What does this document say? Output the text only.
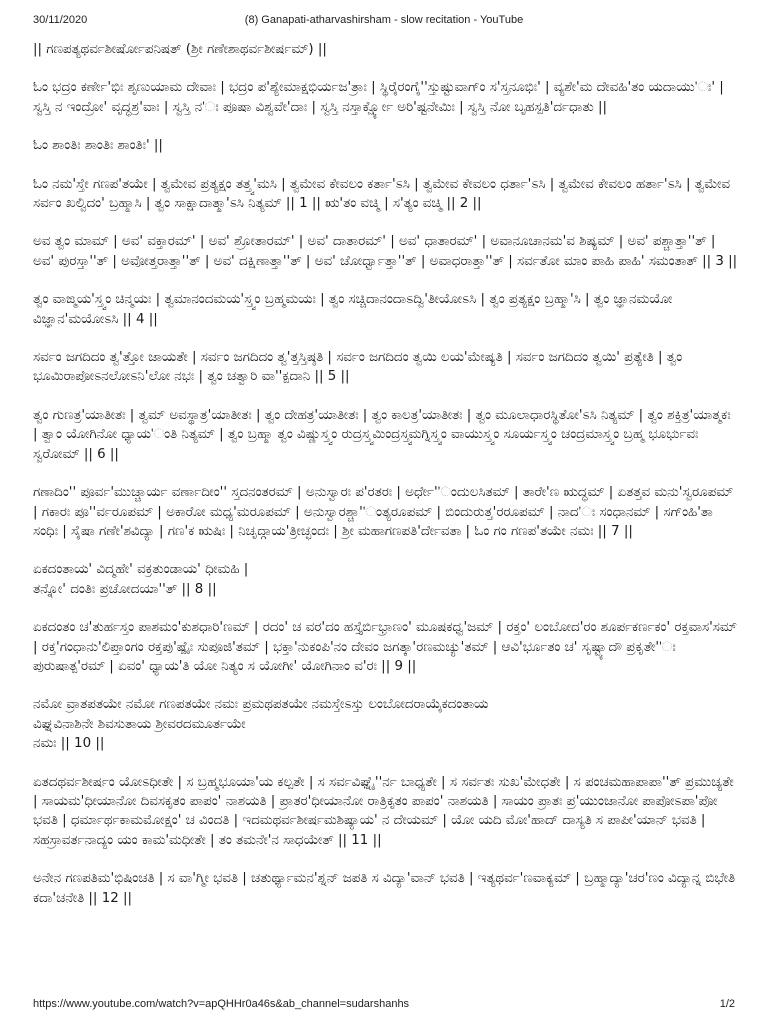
30/11/2020	(8) Ganapati-atharvashirsham - slow recitation - YouTube
|| ಗಣಪತ್ಯಥರ್ವಶೀರ್ಷೋಪನಿಷತ್ (ಶ್ರೀ ಗಣೇಶಾಥರ್ವಶೀರ್ಷಮ್) ||
ಓಂ ಭದ್ರಂ ಕರ್ಣೇ'ಭಿಃ ಶೃಣುಯಾಮ ದೇವಾಃ | ಭದ್ರಂ ಪ'ಶ್ಯೇಮಾಕ್ಷಭಿರ್ಯಜ'ತ್ರಾಃ | ಸ್ಥಿರೈರಂಗೈ''ಸ್ತುಷ್ಟುವಾಗ್ಂ ಸ'ಸ್ತನೂಭಿಃ' | ವ್ಯಶೇ'ಮ ದೇವಹಿ'ತಂ ಯದಾಯು'ಃ' | ಸ್ವಸ್ತಿ ನ ಇಂದ್ರೋ' ವೃದ್ಧಶ್ರ'ವಾಃ | ಸ್ವಸ್ತಿ ನ'ಃ ಪೂಷಾ ವಿಶ್ವವೇ'ದಾಃ | ಸ್ವಸ್ತಿ ನಸ್ತಾರ್ಕ್ಷ್ಯೋ ಅರಿ'ಷ್ಟನೇಮಿಃ | ಸ್ವಸ್ತಿ ನೋ ಬೃಹಸ್ಪತಿ'ರ್ದಧಾತು ||
ಓಂ ಶಾಂತಿಃ ಶಾಂತಿಃ ಶಾಂತಿಃ' ||
ಓಂ ನಮ'ಸ್ತೇ ಗಣಪ'ತಯೇ | ತ್ವಮೇವ ಪ್ರತ್ಯಕ್ಷಂ ತತ್ತ್ವ'ಮಸಿ | ತ್ವಮೇವ ಕೇವಲಂ ಕರ್ತಾ'ಽಸಿ | ತ್ವಮೇವ ಕೇವಲಂ ಧರ್ತಾ'ಽಸಿ | ತ್ವಮೇವ ಕೇವಲಂ ಹರ್ತಾ'ಽಸಿ | ತ್ವಮೇವ ಸರ್ವಂ ಖಲ್ವಿದಂ' ಬ್ರಹ್ಮಾಸಿ | ತ್ವಂ ಸಾಕ್ಷಾದಾತ್ಮಾ'ಽಸಿ ನಿತ್ಯಮ್ || 1 || ಋ'ತಂ ವಚ್ಮಿ | ಸ'ತ್ಯಂ ವಚ್ಮಿ || 2 ||
ಅವ ತ್ವಂ ಮಾಮ್ | ಅವ' ವಕ್ತಾರಮ್' | ಅವ' ಶ್ರೋತಾರಮ್' | ಅವ' ದಾತಾರಮ್' | ಅವ' ಧಾತಾರಮ್' | ಅವಾನೂಚಾನಮ'ವ ಶಿಷ್ಯಮ್ | ಅವ' ಪಶ್ಚಾತ್ತಾ''ತ್ | ಅವ' ಪುರಸ್ತಾ''ತ್ | ಅವೋತ್ತರಾತ್ತಾ''ತ್ | ಅವ' ದಕ್ಷಿಣಾತ್ತಾ''ತ್ | ಅವ' ಚೋರ್ಧ್ವಾತ್ತಾ''ತ್ | ಅವಾಧರಾತ್ತಾ''ತ್ | ಸರ್ವತೋ ಮಾಂ ಪಾಹಿ ಪಾಹಿ' ಸಮಂತಾತ್ || 3 ||
ತ್ವಂ ವಾಙ್ಮಯ'ಸ್ತ್ವಂ ಚಿನ್ಮಯಃ | ತ್ವಮಾನಂದಮಯ'ಸ್ತ್ವಂ ಬ್ರಹ್ಮಮಯಃ | ತ್ವಂ ಸಚ್ಚಿದಾನಂದಾಽದ್ವಿ'ತೀಯೋಽಸಿ | ತ್ವಂ ಪ್ರತ್ಯಕ್ಷಂ ಬ್ರಹ್ಮಾ'ಸಿ | ತ್ವಂ ಜ್ಞಾನಮಯೋ ವಿಜ್ಞಾನ'ಮಯೋಽಸಿ || 4 ||
ಸರ್ವಂ ಜಗದಿದಂ ತ್ವ'ತ್ತೋ ಜಾಯತೇ | ಸರ್ವಂ ಜಗದಿದಂ ತ್ವ'ತ್ತಸ್ತಿಷ್ಠತಿ | ಸರ್ವಂ ಜಗದಿದಂ ತ್ವಯಿ ಲಯ'ಮೇಷ್ಯತಿ | ಸರ್ವಂ ಜಗದಿದಂ ತ್ವಯಿ' ಪ್ರತ್ಯೇತಿ | ತ್ವಂ ಭೂಮಿರಾಪೋಽನಲೋಽನಿ'ಲೋ ನಭಃ | ತ್ವಂ ಚತ್ವಾರಿ ವಾ''ಕ್ಪದಾನಿ || 5 ||
ತ್ವಂ ಗುಣತ್ರ'ಯಾತೀತಃ | ತ್ವಮ್ ಅವಸ್ಥಾತ್ರ'ಯಾತೀತಃ | ತ್ವಂ ದೇಹತ್ರ'ಯಾತೀತಃ | ತ್ವಂ ಕಾಲತ್ರ'ಯಾತೀತಃ | ತ್ವಂ ಮೂಲಾಧಾರಸ್ಥಿತೋ'ಽಸಿ ನಿತ್ಯಮ್ | ತ್ವಂ ಶಕ್ತಿತ್ರ'ಯಾತ್ಮಕಃ | ತ್ವಾಂ ಯೋಗಿನೋ ಧ್ಯಾಯ'ಂತಿ ನಿತ್ಯಮ್ | ತ್ವಂ ಬ್ರಹ್ಮಾ ತ್ವಂ ವಿಷ್ಣುಸ್ತ್ವಂ ರುದ್ರಸ್ತ್ವಮಿಂದ್ರಸ್ತ್ವಮಗ್ನಿಸ್ತ್ವಂ ವಾಯುಸ್ತ್ವಂ ಸೂರ್ಯಸ್ತ್ವಂ ಚಂದ್ರಮಾಸ್ತ್ವಂ ಬ್ರಹ್ಮ ಭೂರ್ಭುವಃ ಸ್ವರೋಮ್ || 6 ||
ಗಣಾದಿಂ'' ಪೂರ್ವ'ಮುಚ್ಚಾರ್ಯ ವರ್ಣಾದೀಂ'' ಸ್ತದನಂತರಮ್ | ಅನುಸ್ವಾರಃ ಪ'ರತರಃ | ಅರ್ಧೇ''ಂದುಲಸಿತಮ್ | ತಾರೇ'ಣ ಋದ್ಧಮ್ | ಏತತ್ತವ ಮನು'ಸ್ವರೂಪಮ್ | ಗಕಾರಃ ಪೂ''ರ್ವರೂಪಮ್ | ಅಕಾರೋ ಮಧ್ಯ'ಮರೂಪಮ್ | ಅನುಸ್ವಾರಶ್ಚಾ''ಂತ್ಯರೂಪಮ್ | ಬಿಂದುರುತ್ತ'ರರೂಪಮ್ | ನಾದ'ಃ ಸಂಧಾನಮ್ | ಸಗ್ಂಹಿ'ತಾ ಸಂಧಿಃ | ಸೈಷಾ ಗಣೇ'ಶವಿದ್ಯಾ | ಗಣ'ಕ ಋಷಿಃ | ನಿಚೃದ್ಗಾಯ'ತ್ರೀಚ್ಛಂದಃ | ಶ್ರೀ ಮಹಾಗಣಪತಿ'ರ್ದೇವತಾ | ಓಂ ಗಂ ಗಣಪ'ತಯೇ ನಮಃ || 7 ||
ಏಕದಂತಾಯ' ವಿದ್ಮಹೇ' ವಕ್ರತುಂಡಾಯ' ಧೀಮಹಿ |
ತನ್ನೋ' ದಂತಿಃ ಪ್ರಚೋದಯಾ''ತ್ || 8 ||
ಏಕದಂತಂ ಚ'ತುರ್ಹಸ್ತಂ ಪಾಶಮಂ'ಕುಶಧಾರಿ'ಣಮ್ | ರದಂ' ಚ ವರ'ದಂ ಹಸ್ತೈರ್ಬಿಭ್ರಾಣಂ' ಮೂಷಕಧ್ವ'ಜಮ್ | ರಕ್ತಂ' ಲಂಬೋದ'ರಂ ಶೂರ್ಪಕರ್ಣಕಂ' ರಕ್ತವಾಸ'ಸಮ್ | ರಕ್ತ'ಗಂಧಾನು'ಲಿಪ್ತಾಂಗಂ ರಕ್ತಪು'ಷ್ಪೈಃ ಸುಪೂಜಿ'ತಮ್ | ಭಕ್ತಾ'ನುಕಂಪಿ'ನಂ ದೇವಂ ಜಗತ್ಕಾ'ರಣಮಚ್ಯು'ತಮ್ | ಆವಿ'ರ್ಭೂತಂ ಚ' ಸೃಷ್ಟ್ಯಾದೌ ಪ್ರಕೃತೇ''ಃ ಪುರುಷಾತ್ಪ'ರಮ್ | ಏವಂ' ಧ್ಯಾಯ'ತಿ ಯೋ ನಿತ್ಯಂ ಸ ಯೋಗೀ' ಯೋಗಿನಾಂ ವ'ರಃ || 9 ||
ನಮೋ ವ್ರಾತಪತಯೇ ನಮೋ ಗಣಪತಯೇ ನಮಃ ಪ್ರಮಥಪತಯೇ ನಮಸ್ತೇಽಸ್ತು ಲಂಬೋದರಾಯೈಕದಂತಾಯ
ವಿಘ್ನವಿನಾಶಿನೇ ಶಿವಸುತಾಯ ಶ್ರೀವರದಮೂರ್ತಯೇ
ನಮಃ || 10 ||
ಏತದಥರ್ವಶೀರ್ಷಂ ಯೋಽಧೀತೇ | ಸ ಬ್ರಹ್ಮಭೂಯಾ'ಯ ಕಲ್ಪತೇ | ಸ ಸರ್ವವಿಘ್ನೈ''ರ್ನ ಬಾಧ್ಯತೇ | ಸ ಸರ್ವತಃ ಸುಖ'ಮೇಧತೇ | ಸ ಪಂಚಮಹಾಪಾಪಾ''ತ್ ಪ್ರಮುಚ್ಯತೇ | ಸಾಯಮ'ಧೀಯಾನೋ ದಿವಸಕೃತಂ ಪಾಪಂ' ನಾಶಯತಿ | ಪ್ರಾತರ'ಧೀಯಾನೋ ರಾತ್ರಿಕೃತಂ ಪಾಪಂ' ನಾಶಯತಿ | ಸಾಯಂ ಪ್ರಾತಃ ಪ್ರ'ಯುಂಜಾನೋ ಪಾಪೋಽಪಾ'ಪೋ ಭವತಿ | ಧರ್ಮಾರ್ಥಕಾಮಮೋಕ್ಷಂ' ಚ ವಿಂದತಿ | ಇದಮಥರ್ವಶೀರ್ಷಮಶಿಷ್ಯಾಯ' ನ ದೇಯಮ್ | ಯೋ ಯದಿ ಮೋ'ಹಾದ್ ದಾಸ್ಯತಿ ಸ ಪಾಪೀ'ಯಾನ್ ಭವತಿ | ಸಹಸ್ರಾವರ್ತನಾದ್ಯಂ ಯಂ ಕಾಮ'ಮಧೀತೇ | ತಂ ತಮನೇ'ನ ಸಾಧಯೇತ್ || 11 ||
ಅನೇನ ಗಣಪತಿಮ'ಭಿಷಿಂಚತಿ | ಸ ವಾ'ಗ್ಮೀ ಭವತಿ | ಚತುರ್ಥ್ಯಾಮನ'ಶ್ನನ್ ಜಪತಿ ಸ ವಿದ್ಯಾ'ವಾನ್ ಭವತಿ | ಇತ್ಯಥರ್ವ'ಣವಾಕ್ಯಮ್ | ಬ್ರಹ್ಮಾದ್ಯಾ'ಚರ'ಣಂ ವಿದ್ಯಾನ್ನ ಬಿಭೇತಿ ಕದಾ'ಚನೇತಿ || 12 ||
https://www.youtube.com/watch?v=apQHHr0a46s&ab_channel=sudarshanhs	1/2
